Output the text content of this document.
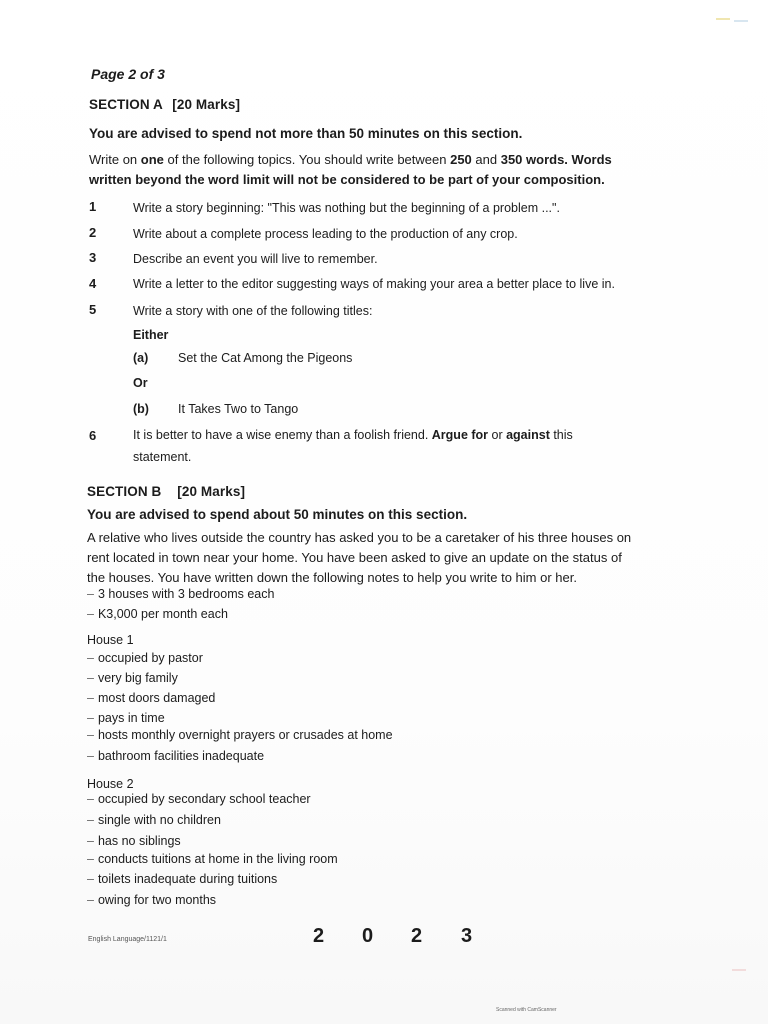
Page 2 of 3
SECTION A [20 Marks]
You are advised to spend not more than 50 minutes on this section.
Write on one of the following topics. You should write between 250 and 350 words. Words
written beyond the word limit will not be considered to be part of your composition.
1	Write a story beginning: "This was nothing but the beginning of a problem ...".
2	Write about a complete process leading to the production of any crop.
3	Describe an event you will live to remember.
4	Write a letter to the editor suggesting ways of making your area a better place to live in.
5	Write a story with one of the following titles:
Either
(a) Set the Cat Among the Pigeons
Or
(b) It Takes Two to Tango
6	It is better to have a wise enemy than a foolish friend. Argue for or against this
statement.
SECTION B [20 Marks]
You are advised to spend about 50 minutes on this section.
A relative who lives outside the country has asked you to be a caretaker of his three houses on
rent located in town near your home. You have been asked to give an update on the status of
the houses. You have written down the following notes to help you write to him or her.
– 3 houses with 3 bedrooms each
– K3,000 per month each
House 1
– occupied by pastor
– very big family
– most doors damaged
– pays in time
– hosts monthly overnight prayers or crusades at home
– bathroom facilities inadequate
House 2
– occupied by secondary school teacher
– single with no children
– has no siblings
– conducts tuitions at home in the living room
– toilets inadequate during tuitions
– owing for two months
English Language/1121/1	2 0 2 3
Scanned with CamScanner
